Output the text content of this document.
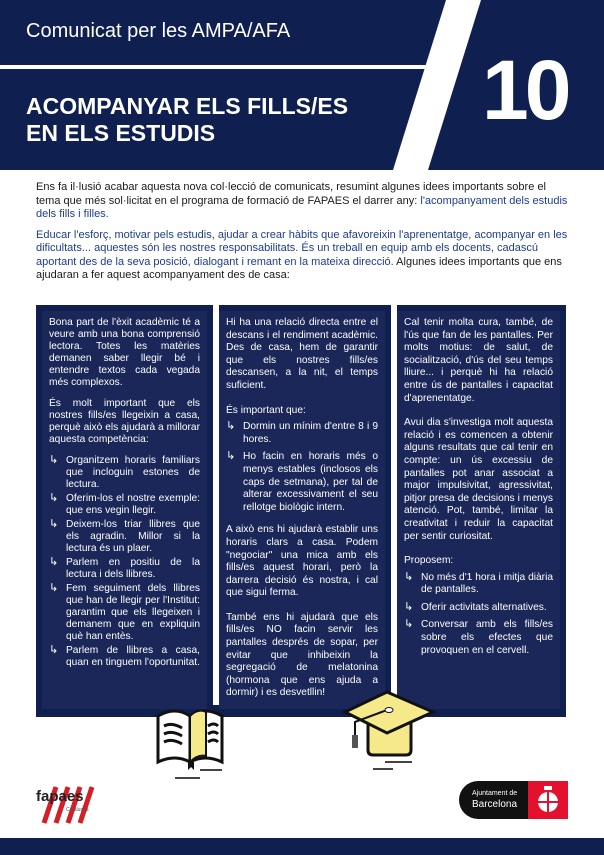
Comunicat per les AMPA/AFA
ACOMPANYAR ELS FILLS/ES
EN ELS ESTUDIS	10

Ens fa il·lusió acabar aquesta nova col·lecció de comunicats, resumint algunes idees importants sobre el tema que més sol·licitat en el programa de formació de FAPAES el darrer any: l'acompanyament dels estudis dels fills i filles.

Educar l'esforç, motivar pels estudis, ajudar a crear hàbits que afavoreixin l'aprenentatge, acompanyar en les dificultats... aquestes són les nostres responsabilitats. És un treball en equip amb els docents, cadascú aportant des de la seva posició, dialogant i remant en la mateixa direcció. Algunes idees importants que ens ajudaran a fer aquest acompanyament des de casa:

Bona part de l'èxit acadèmic té a veure amb una bona comprensió lectora. Totes les matèries demanen saber llegir bé i entendre textos cada vegada més complexos.

És molt important que els nostres fills/es llegeixin a casa, perquè això els ajudarà a millorar aquesta competència:

↳ Organitzem horaris familiars que incloguin estones de lectura.
↳ Oferim-los el nostre exemple: que ens vegin llegir.
↳ Deixem-los triar llibres que els agradin. Millor si la lectura és un plaer.
↳ Parlem en positiu de la lectura i dels llibres.
↳ Fem seguiment dels llibres que han de llegir per l'Institut: garantim que els llegeixen i demanem que en expliquin què han entès.
↳ Parlem de llibres a casa, quan en tinguem l'oportunitat.

Hi ha una relació directa entre el descans i el rendiment acadèmic. Des de casa, hem de garantir que els nostres fills/es descansen, a la nit, el temps suficient.

És important que:

↳ Dormin un mínim d'entre 8 i 9 hores.
↳ Ho facin en horaris més o menys estables (inclosos els caps de setmana), per tal de alterar excessivament el seu rellotge biològic intern.

A això ens hi ajudarà establir uns horaris clars a casa. Podem "negociar" una mica amb els fills/es aquest horari, però la darrera decisió és nostra, i cal que sigui ferma.

També ens hi ajudarà que els fills/es NO facin servir les pantalles després de sopar, per evitar que inhibeixin la segregació de melatonina (hormona que ens ajuda a dormir) i es desvetllin!

Cal tenir molta cura, també, de l'ús que fan de les pantalles. Per molts motius: de salut, de socialització, d'ús del seu temps lliure... i perquè hi ha relació entre ús de pantalles i capacitat d'aprenentatge.

Avui dia s'investiga molt aquesta relació i es comencen a obtenir alguns resultats que cal tenir en compte: un ús excessiu de pantalles pot anar associat a major impulsivitat, agressivitat, pitjor presa de decisions i menys atenció. Pot, també, limitar la creativitat i reduir la capacitat per sentir curiositat.

Proposem:

↳ No més d'1 hora i mitja diària de pantalles.
↳ Oferir activitats alternatives.
↳ Conversar amb els fills/es sobre els efectes que provoquen en el cervell.
fapaes
Catalunya
Ajuntament de
Barcelona
